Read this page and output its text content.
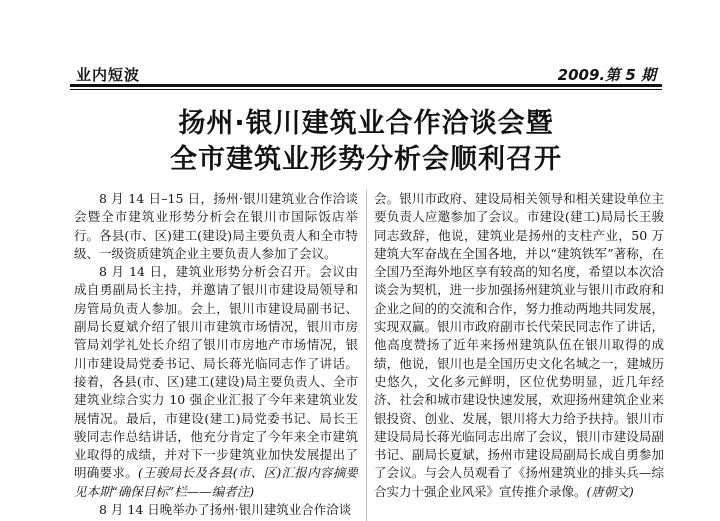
业内短波	2009.第 5 期
扬州·银川建筑业合作洽谈会暨
全市建筑业形势分析会顺利召开

8 月 14 日–15 日，扬州·银川建筑业合作洽谈会暨全市建筑业形势分析会在银川市国际饭店举行。各县(市、区)建工(建设)局主要负责人和全市特级、一级资质建筑企业主要负责人参加了会议。

8 月 14 日，建筑业形势分析会召开。会议由成自勇副局长主持，并邀请了银川市建设局领导和房管局负责人参加。会上，银川市建设局副书记、副局长夏斌介绍了银川市建筑市场情况，银川市房管局刘学礼处长介绍了银川市房地产市场情况，银川市建设局党委书记、局长蒋光临同志作了讲话。接着，各县(市、区)建工(建设)局主要负责人、全市建筑业综合实力 10 强企业汇报了今年来建筑业发展情况。最后，市建设(建工)局党委书记、局长王骏同志作总结讲话，他充分肯定了今年来全市建筑业取得的成绩，并对下一步建筑业加快发展提出了明确要求。(王骏局长及各县(市、区)汇报内容摘要见本期“确保目标”栏——编者注)

8 月 14 日晚举办了扬州·银川建筑业合作洽谈

会。银川市政府、建设局相关领导和相关建设单位主要负责人应邀参加了会议。市建设(建工)局局长王骏同志致辞，他说，建筑业是扬州的支柱产业，50 万建筑大军奋战在全国各地，并以“建筑铁军”著称，在全国乃至海外地区享有较高的知名度，希望以本次洽谈会为契机，进一步加强扬州建筑业与银川市政府和企业之间的的交流和合作，努力推动两地共同发展，实现双赢。银川市政府副市长代荣民同志作了讲话，他高度赞扬了近年来扬州建筑队伍在银川取得的成绩，他说，银川也是全国历史文化名城之一，建城历史悠久，文化多元鲜明，区位优势明显，近几年经济、社会和城市建设快速发展，欢迎扬州建筑企业来银投资、创业、发展，银川将大力给予扶持。银川市建设局局长蒋光临同志出席了会议，银川市建设局副书记、副局长夏斌，扬州市建设局副局长成自勇参加了会议。与会人员观看了《扬州建筑业的排头兵—综合实力十强企业风采》宣传推介录像。(唐朝文)
